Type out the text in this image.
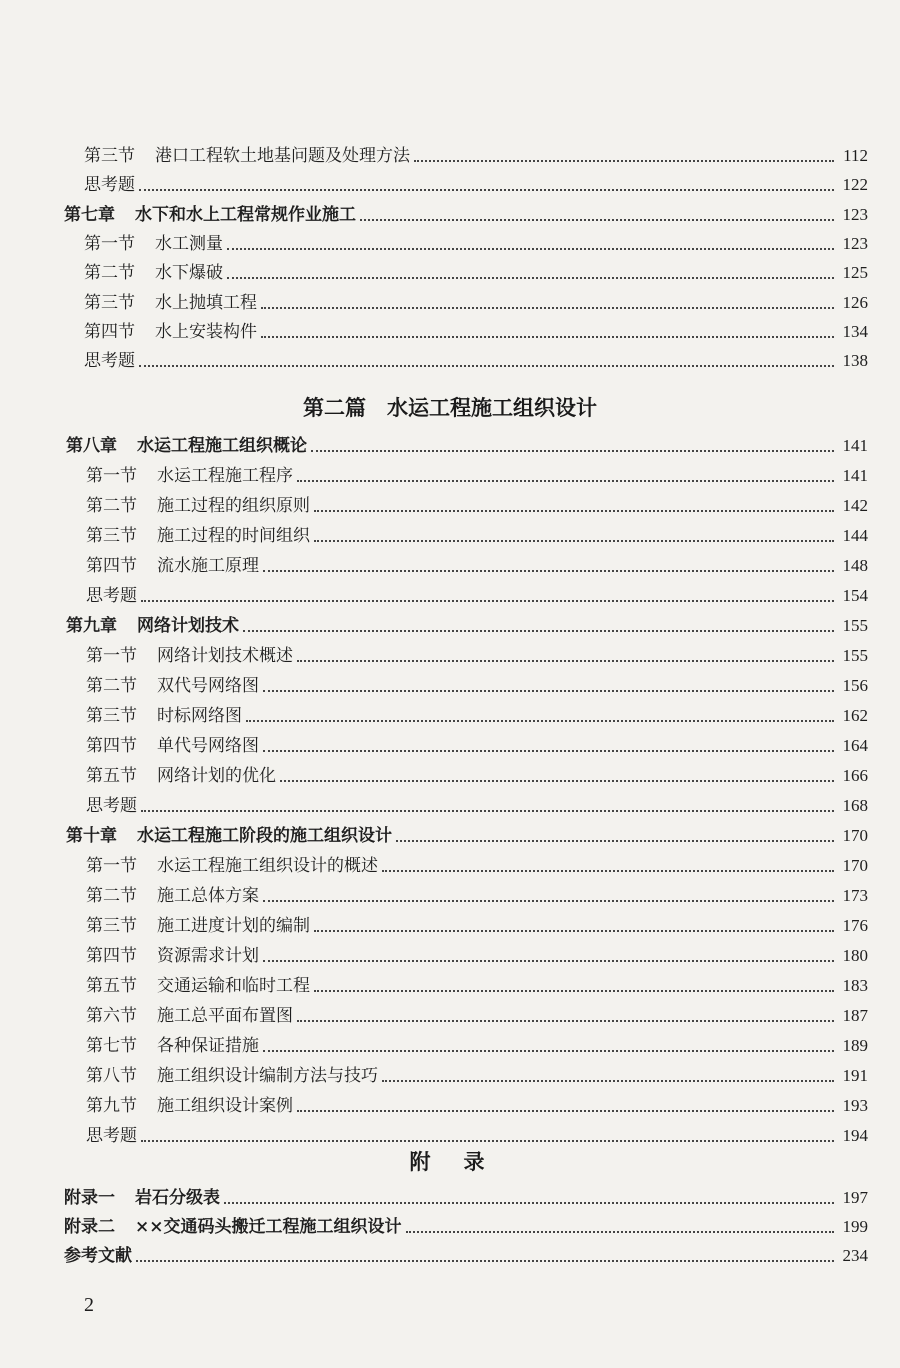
第三节 港口工程软土地基问题及处理方法	112
思考题	122
第七章 水下和水上工程常规作业施工	123
第一节 水工测量	123
第二节 水下爆破	125
第三节 水上抛填工程	126
第四节 水上安装构件	134
思考题	138
第八章 水运工程施工组织概论	141
第一节 水运工程施工程序	141
第二节 施工过程的组织原则	142
第三节 施工过程的时间组织	144
第四节 流水施工原理	148
思考题	154
第九章 网络计划技术	155
第一节 网络计划技术概述	155
第二节 双代号网络图	156
第三节 时标网络图	162
第四节 单代号网络图	164
第五节 网络计划的优化	166
思考题	168
第十章 水运工程施工阶段的施工组织设计	170
第一节 水运工程施工组织设计的概述	170
第二节 施工总体方案	173
第三节 施工进度计划的编制	176
第四节 资源需求计划	180
第五节 交通运输和临时工程	183
第六节 施工总平面布置图	187
第七节 各种保证措施	189
第八节 施工组织设计编制方法与技巧	191
第九节 施工组织设计案例	193
思考题	194
附录一 岩石分级表	197
附录二 ××交通码头搬迁工程施工组织设计	199
参考文献	234
第二篇　水运工程施工组织设计
附　录
2
